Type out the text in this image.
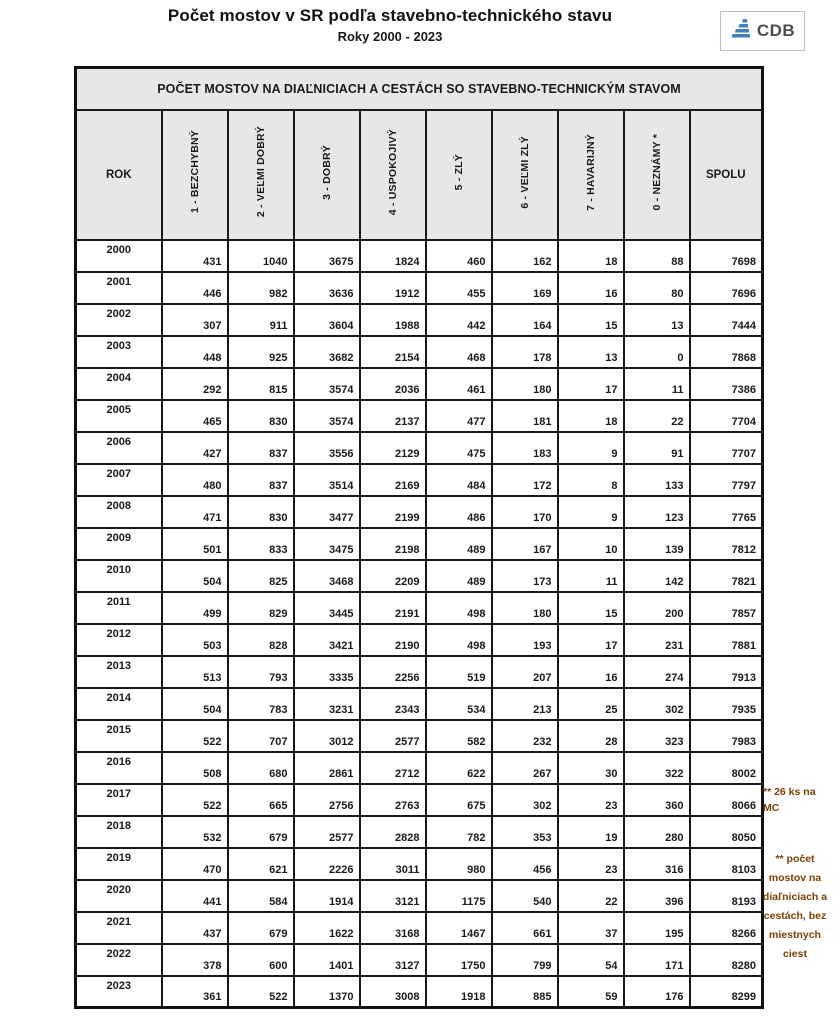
Počet mostov v SR podľa stavebno-technického stavu
Roky 2000 - 2023	CDB
POČET MOSTOV NA DIAĽNICIACH A CESTÁCH SO STAVEBNO-TECHNICKÝM STAVOM									
ROK	1 - BEZCHYBNÝ	2 - VEĽMI DOBRÝ	3 - DOBRÝ	4 - USPOKOJIVÝ	5 - ZLÝ	6 - VEĽMI ZLÝ	7 - HAVARIJNÝ	0 - NEZNÁMY *	SPOLU
2000	431	1040	3675	1824	460	162	18	88	7698
2001	446	982	3636	1912	455	169	16	80	7696
2002	307	911	3604	1988	442	164	15	13	7444
2003	448	925	3682	2154	468	178	13	0	7868
2004	292	815	3574	2036	461	180	17	11	7386
2005	465	830	3574	2137	477	181	18	22	7704
2006	427	837	3556	2129	475	183	9	91	7707
2007	480	837	3514	2169	484	172	8	133	7797
2008	471	830	3477	2199	486	170	9	123	7765
2009	501	833	3475	2198	489	167	10	139	7812
2010	504	825	3468	2209	489	173	11	142	7821
2011	499	829	3445	2191	498	180	15	200	7857
2012	503	828	3421	2190	498	193	17	231	7881
2013	513	793	3335	2256	519	207	16	274	7913
2014	504	783	3231	2343	534	213	25	302	7935
2015	522	707	3012	2577	582	232	28	323	7983
2016	508	680	2861	2712	622	267	30	322	8002
2017	522	665	2756	2763	675	302	23	360	8066
2018	532	679	2577	2828	782	353	19	280	8050
2019	470	621	2226	3011	980	456	23	316	8103
2020	441	584	1914	3121	1175	540	22	396	8193
2021	437	679	1622	3168	1467	661	37	195	8266
2022	378	600	1401	3127	1750	799	54	171	8280
2023	361	522	1370	3008	1918	885	59	176	8299
** 26 ks na MC
** počet mostov na diaľniciach a cestách, bez miestnych ciest
